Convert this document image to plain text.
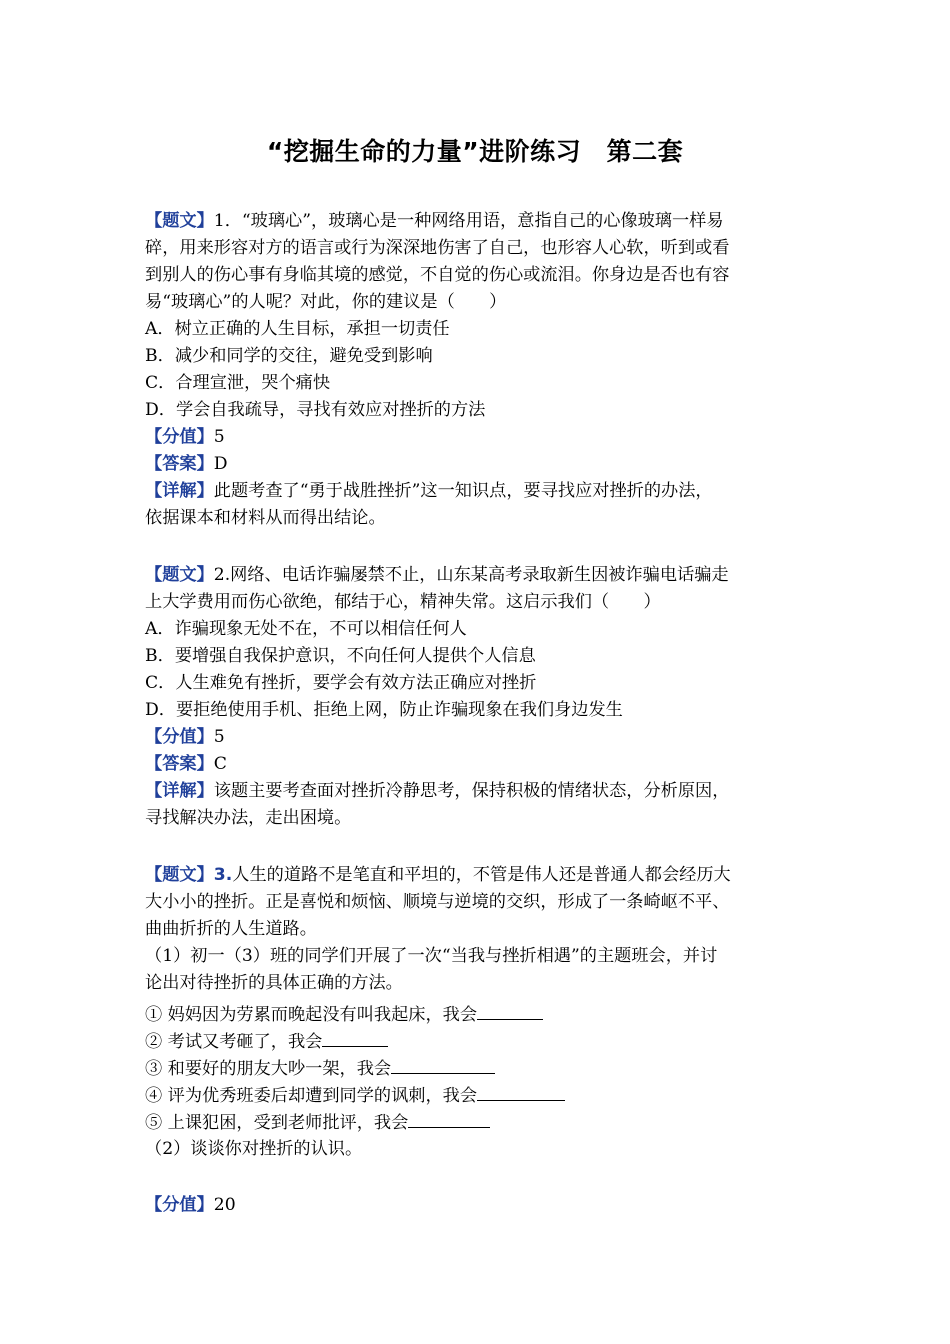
“挖掘生命的力量”进阶练习　第二套
【题文】1．“玻璃心”，玻璃心是一种网络用语，意指自己的心像玻璃一样易
碎，用来形容对方的语言或行为深深地伤害了自己，也形容人心软，听到或看
到别人的伤心事有身临其境的感觉，不自觉的伤心或流泪。你身边是否也有容
易“玻璃心”的人呢？对此，你的建议是（　　）
A．树立正确的人生目标，承担一切责任
B．减少和同学的交往，避免受到影响
C．合理宣泄，哭个痛快
D．学会自我疏导，寻找有效应对挫折的方法
【分值】5
【答案】D
【详解】此题考查了“勇于战胜挫折”这一知识点，要寻找应对挫折的办法，
依据课本和材料从而得出结论。
【题文】2.网络、电话诈骗屡禁不止，山东某高考录取新生因被诈骗电话骗走
上大学费用而伤心欲绝，郁结于心，精神失常。这启示我们（　　）
A．诈骗现象无处不在，不可以相信任何人
B．要增强自我保护意识，不向任何人提供个人信息
C．人生难免有挫折，要学会有效方法正确应对挫折
D．要拒绝使用手机、拒绝上网，防止诈骗现象在我们身边发生
【分值】5
【答案】C
【详解】该题主要考查面对挫折冷静思考，保持积极的情绪状态，分析原因，
寻找解决办法，走出困境。
【题文】3.人生的道路不是笔直和平坦的，不管是伟人还是普通人都会经历大
大小小的挫折。正是喜悦和烦恼、顺境与逆境的交织，形成了一条崎岖不平、
曲曲折折的人生道路。
（1）初一（3）班的同学们开展了一次“当我与挫折相遇”的主题班会，并讨
论出对待挫折的具体正确的方法。
① 妈妈因为劳累而晚起没有叫我起床，我会
② 考试又考砸了，我会
③ 和要好的朋友大吵一架，我会
④ 评为优秀班委后却遭到同学的讽刺，我会
⑤ 上课犯困，受到老师批评，我会
（2）谈谈你对挫折的认识。
【分值】20
